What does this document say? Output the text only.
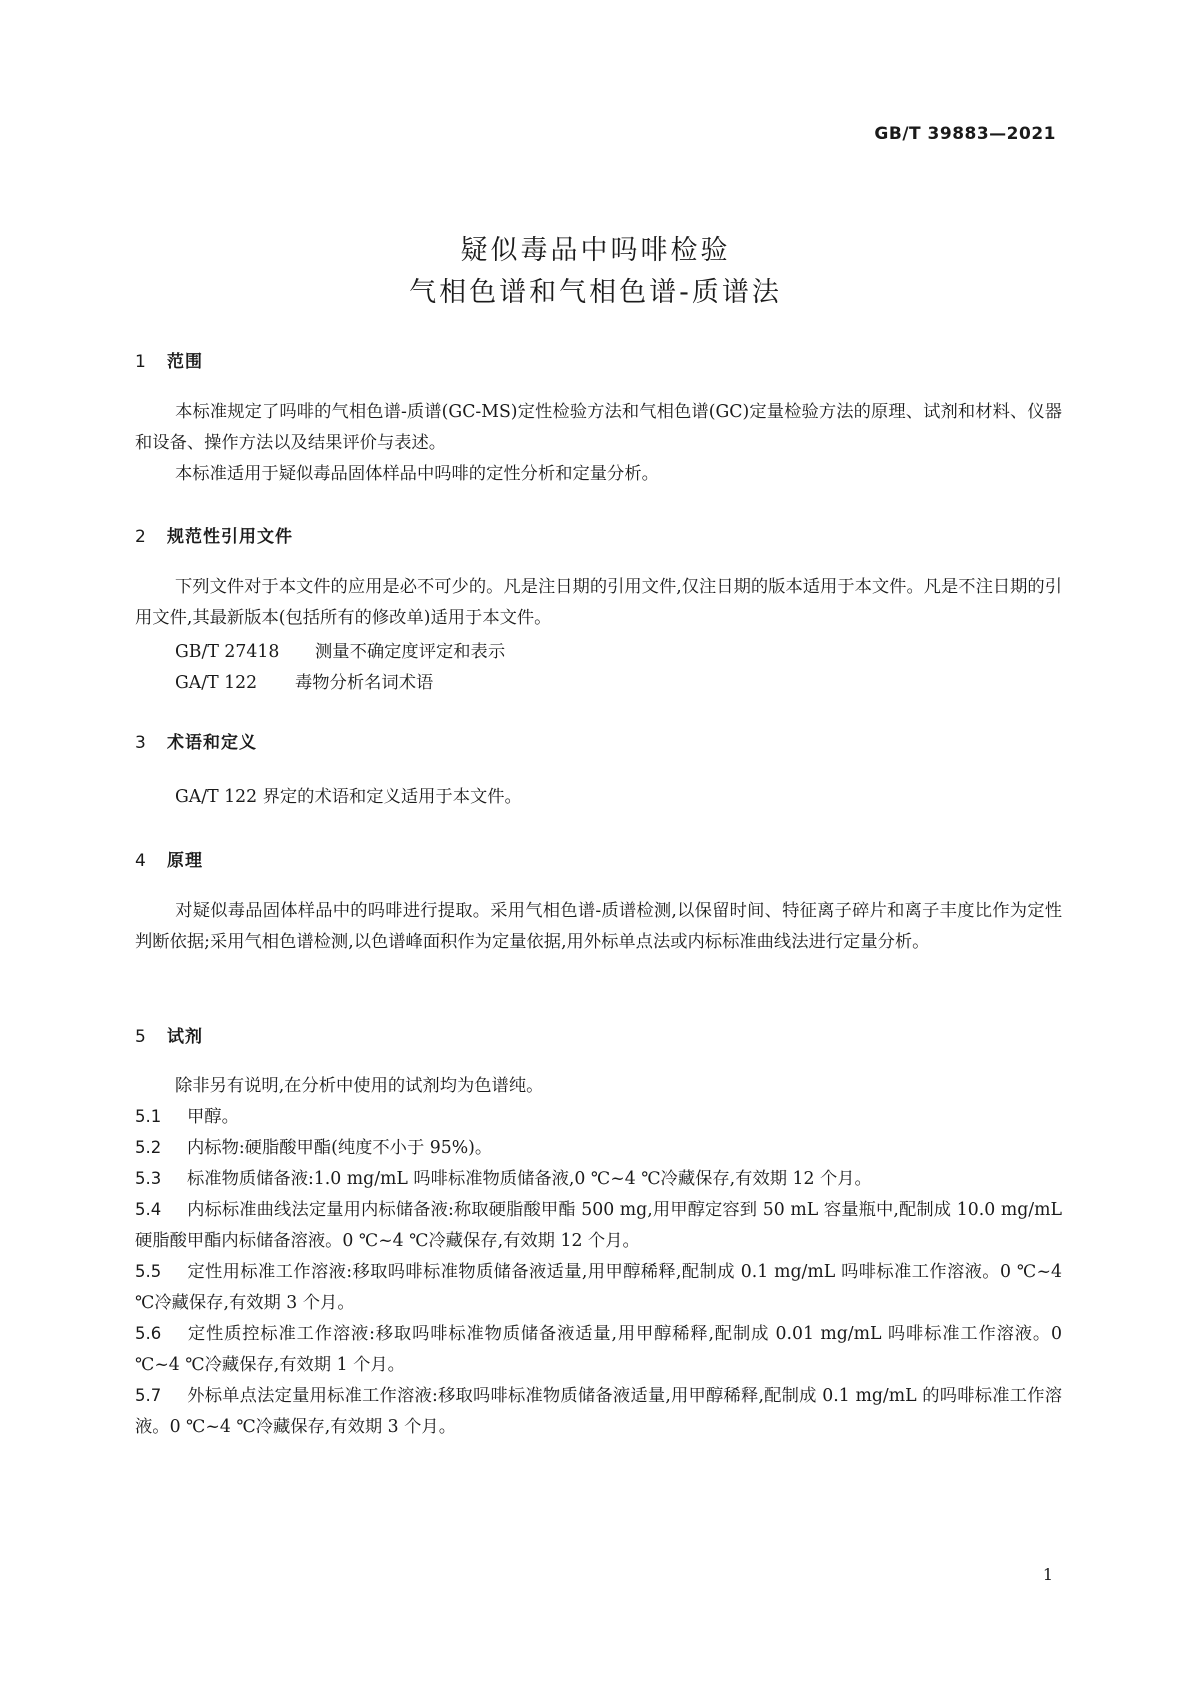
GB/T 39883—2021
疑似毒品中吗啡检验
气相色谱和气相色谱-质谱法
1 范围

本标准规定了吗啡的气相色谱-质谱(GC-MS)定性检验方法和气相色谱(GC)定量检验方法的原理、试剂和材料、仪器和设备、操作方法以及结果评价与表述。

本标准适用于疑似毒品固体样品中吗啡的定性分析和定量分析。

2 规范性引用文件

下列文件对于本文件的应用是必不可少的。凡是注日期的引用文件,仅注日期的版本适用于本文件。凡是不注日期的引用文件,其最新版本(包括所有的修改单)适用于本文件。

GB/T 27418 测量不确定度评定和表示
GA/T 122 毒物分析名词术语
3 术语和定义

GA/T 122 界定的术语和定义适用于本文件。

4 原理

对疑似毒品固体样品中的吗啡进行提取。采用气相色谱-质谱检测,以保留时间、特征离子碎片和离子丰度比作为定性判断依据;采用气相色谱检测,以色谱峰面积作为定量依据,用外标单点法或内标标准曲线法进行定量分析。

5 试剂

除非另有说明,在分析中使用的试剂均为色谱纯。

5.1 甲醇。

5.2 内标物:硬脂酸甲酯(纯度不小于 95%)。

5.3 标准物质储备液:1.0 mg/mL 吗啡标准物质储备液,0 ℃~4 ℃冷藏保存,有效期 12 个月。

5.4 内标标准曲线法定量用内标储备液:称取硬脂酸甲酯 500 mg,用甲醇定容到 50 mL 容量瓶中,配制成 10.0 mg/mL 硬脂酸甲酯内标储备溶液。0 ℃~4 ℃冷藏保存,有效期 12 个月。

5.5 定性用标准工作溶液:移取吗啡标准物质储备液适量,用甲醇稀释,配制成 0.1 mg/mL 吗啡标准工作溶液。0 ℃~4 ℃冷藏保存,有效期 3 个月。

5.6 定性质控标准工作溶液:移取吗啡标准物质储备液适量,用甲醇稀释,配制成 0.01 mg/mL 吗啡标准工作溶液。0 ℃~4 ℃冷藏保存,有效期 1 个月。

5.7 外标单点法定量用标准工作溶液:移取吗啡标准物质储备液适量,用甲醇稀释,配制成 0.1 mg/mL 的吗啡标准工作溶液。0 ℃~4 ℃冷藏保存,有效期 3 个月。

1
